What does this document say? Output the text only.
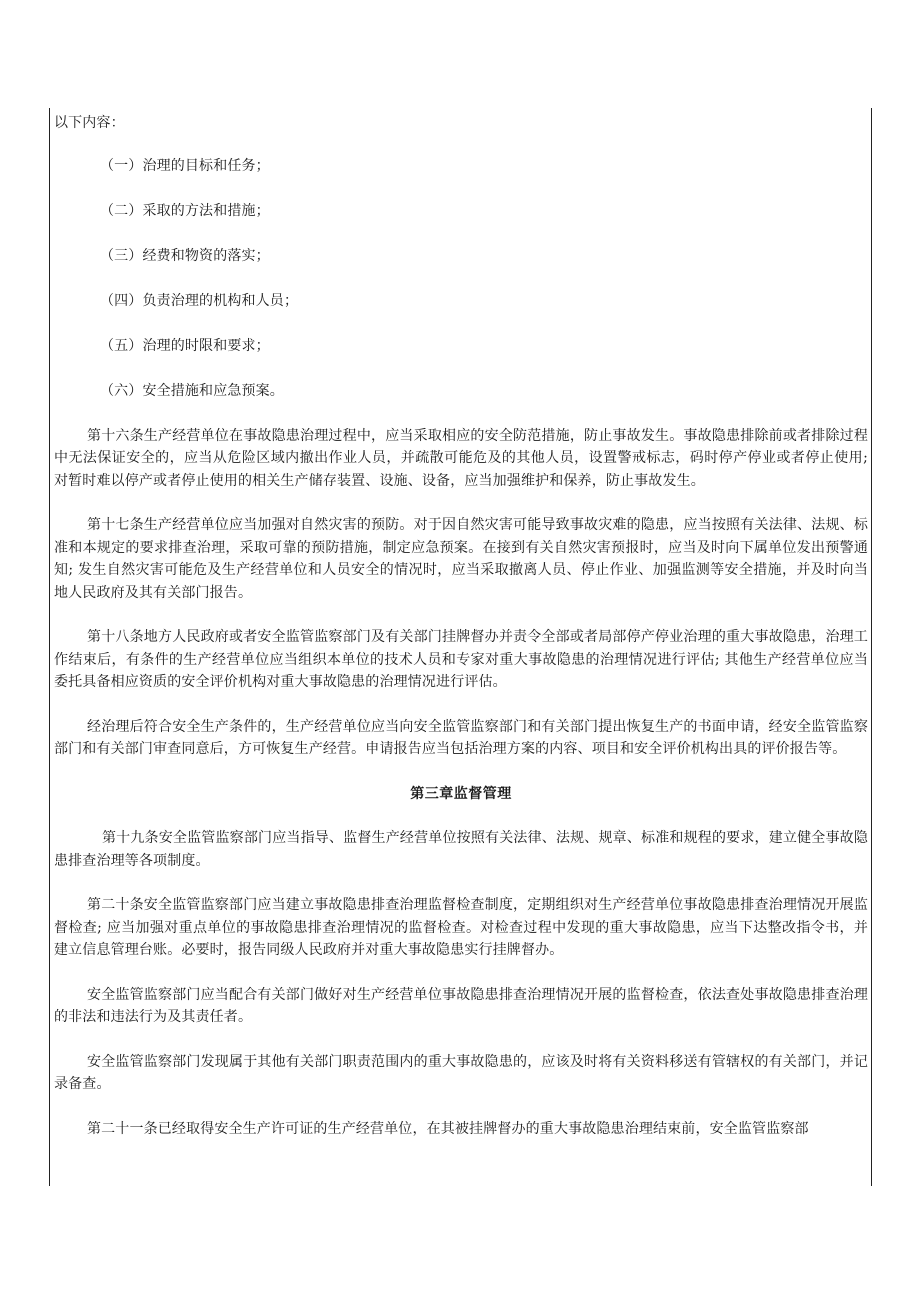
以下内容：

（一）治理的目标和任务；

（二）采取的方法和措施；

（三）经费和物资的落实；

（四）负责治理的机构和人员；

（五）治理的时限和要求；

（六）安全措施和应急预案。

第十六条生产经营单位在事故隐患治理过程中，应当采取相应的安全防范措施，防止事故发生。事故隐患排除前或者排除过程中无法保证安全的，应当从危险区域内撤出作业人员，并疏散可能危及的其他人员，设置警戒标志，码时停产停业或者停止使用; 对暂时难以停产或者停止使用的相关生产储存装置、设施、设备，应当加强维护和保养，防止事故发生。

第十七条生产经营单位应当加强对自然灾害的预防。对于因自然灾害可能导致事故灾难的隐患，应当按照有关法律、法规、标准和本规定的要求排查治理，采取可靠的预防措施，制定应急预案。在接到有关自然灾害预报时，应当及时向下属单位发出预警通知; 发生自然灾害可能危及生产经营单位和人员安全的情况时，应当采取撤离人员、停止作业、加强监测等安全措施，并及时向当地人民政府及其有关部门报告。

第十八条地方人民政府或者安全监管监察部门及有关部门挂牌督办并责令全部或者局部停产停业治理的重大事故隐患，治理工作结束后，有条件的生产经营单位应当组织本单位的技术人员和专家对重大事故隐患的治理情况进行评估; 其他生产经营单位应当委托具备相应资质的安全评价机构对重大事故隐患的治理情况进行评估。

经治理后符合安全生产条件的，生产经营单位应当向安全监管监察部门和有关部门提出恢复生产的书面申请，经安全监管监察部门和有关部门审查同意后，方可恢复生产经营。申请报告应当包括治理方案的内容、项目和安全评价机构出具的评价报告等。

第三章监督管理

第十九条安全监管监察部门应当指导、监督生产经营单位按照有关法律、法规、规章、标准和规程的要求，建立健全事故隐患排查治理等各项制度。

第二十条安全监管监察部门应当建立事故隐患排查治理监督检查制度，定期组织对生产经营单位事故隐患排查治理情况开展监督检查; 应当加强对重点单位的事故隐患排查治理情况的监督检查。对检查过程中发现的重大事故隐患，应当下达整改指令书，并建立信息管理台账。必要时，报告同级人民政府并对重大事故隐患实行挂牌督办。

安全监管监察部门应当配合有关部门做好对生产经营单位事故隐患排查治理情况开展的监督检查，依法查处事故隐患排查治理的非法和违法行为及其责任者。

安全监管监察部门发现属于其他有关部门职责范围内的重大事故隐患的，应该及时将有关资料移送有管辖权的有关部门，并记录备查。

第二十一条已经取得安全生产许可证的生产经营单位，在其被挂牌督办的重大事故隐患治理结束前，安全监管监察部
